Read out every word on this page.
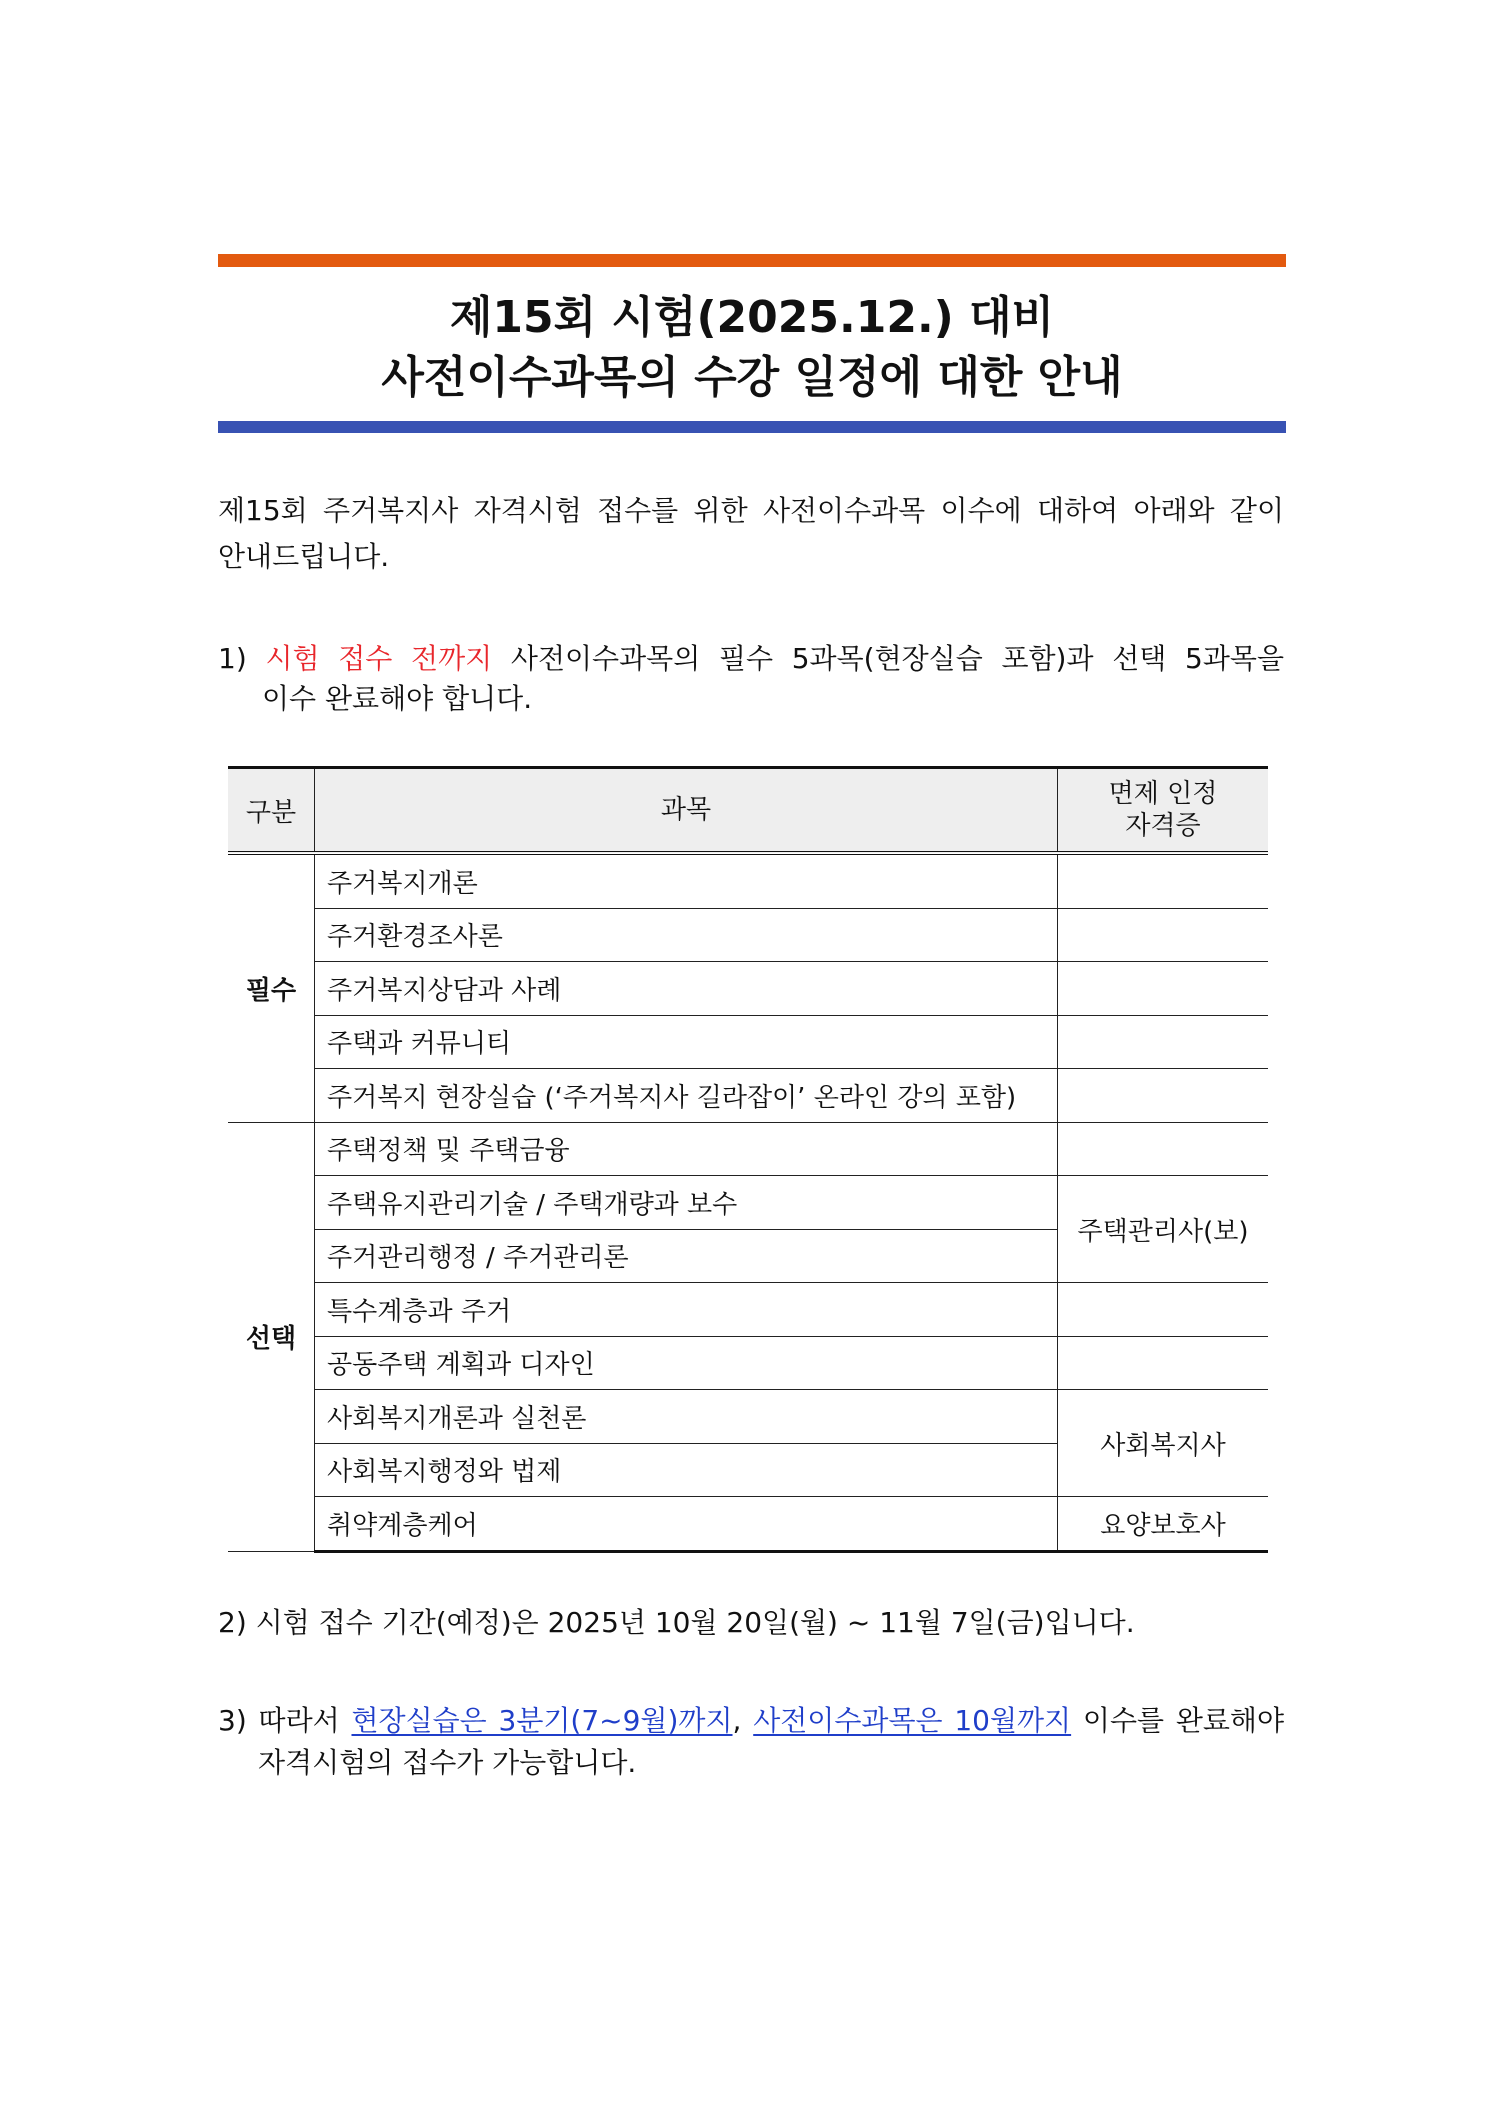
제15회 시험(2025.12.) 대비
사전이수과목의 수강 일정에 대한 안내
제15회 주거복지사 자격시험 접수를 위한 사전이수과목 이수에 대하여 아래와 같이
안내드립니다.
1) 시험 접수 전까지 사전이수과목의 필수 5과목(현장실습 포함)과 선택 5과목을
이수 완료해야 합니다.
구분	과목	면제 인정
자격증

필수	주거복지개론	
	주거환경조사론	
	주거복지상담과 사례	
	주택과 커뮤니티	
	주거복지 현장실습 (‘주거복지사 길라잡이’ 온라인 강의 포함)	
선택	주택정책 및 주택금융	
	주택유지관리기술 / 주택개량과 보수	주택관리사(보)
	주거관리행정 / 주거관리론	
	특수계층과 주거	
	공동주택 계획과 디자인	
	사회복지개론과 실천론	사회복지사
	사회복지행정와 법제	
	취약계층케어	요양보호사
2) 시험 접수 기간(예정)은 2025년 10월 20일(월) ~ 11월 7일(금)입니다.
3) 따라서 현장실습은 3분기(7~9월)까지, 사전이수과목은 10월까지 이수를 완료해야
자격시험의 접수가 가능합니다.
